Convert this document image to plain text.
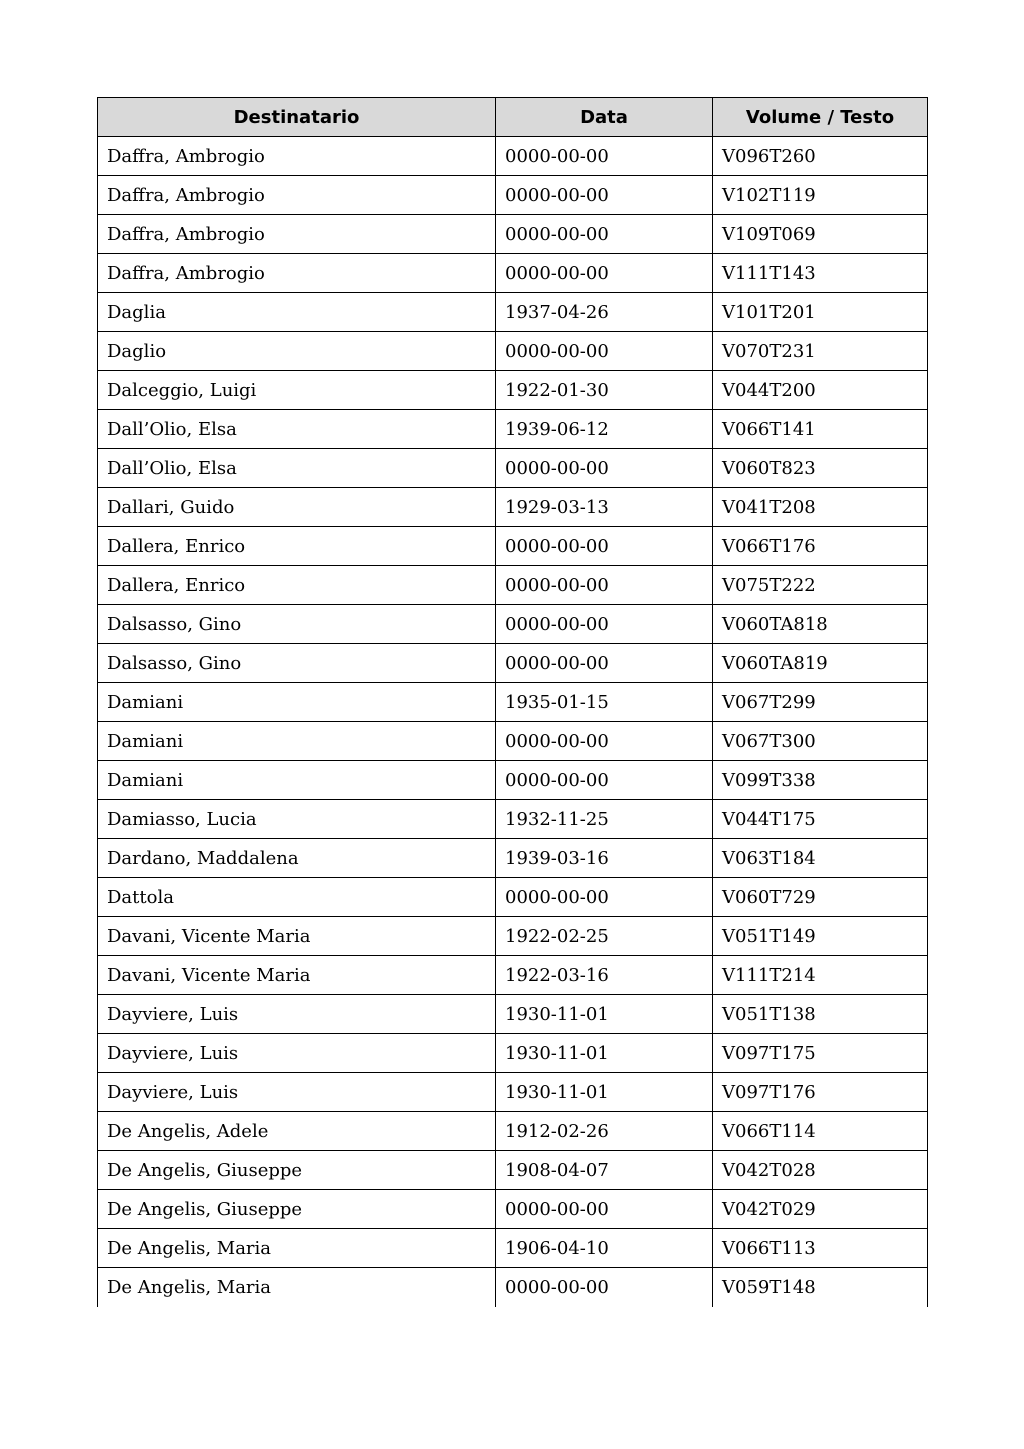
Destinatario	Data	Volume / Testo
Daffra, Ambrogio	0000-00-00	V096T260
Daffra, Ambrogio	0000-00-00	V102T119
Daffra, Ambrogio	0000-00-00	V109T069
Daffra, Ambrogio	0000-00-00	V111T143
Daglia	1937-04-26	V101T201
Daglio	0000-00-00	V070T231
Dalceggio, Luigi	1922-01-30	V044T200
Dall’Olio, Elsa	1939-06-12	V066T141
Dall’Olio, Elsa	0000-00-00	V060T823
Dallari, Guido	1929-03-13	V041T208
Dallera, Enrico	0000-00-00	V066T176
Dallera, Enrico	0000-00-00	V075T222
Dalsasso, Gino	0000-00-00	V060TA818
Dalsasso, Gino	0000-00-00	V060TA819
Damiani	1935-01-15	V067T299
Damiani	0000-00-00	V067T300
Damiani	0000-00-00	V099T338
Damiasso, Lucia	1932-11-25	V044T175
Dardano, Maddalena	1939-03-16	V063T184
Dattola	0000-00-00	V060T729
Davani, Vicente Maria	1922-02-25	V051T149
Davani, Vicente Maria	1922-03-16	V111T214
Dayviere, Luis	1930-11-01	V051T138
Dayviere, Luis	1930-11-01	V097T175
Dayviere, Luis	1930-11-01	V097T176
De Angelis, Adele	1912-02-26	V066T114
De Angelis, Giuseppe	1908-04-07	V042T028
De Angelis, Giuseppe	0000-00-00	V042T029
De Angelis, Maria	1906-04-10	V066T113
De Angelis, Maria	0000-00-00	V059T148
